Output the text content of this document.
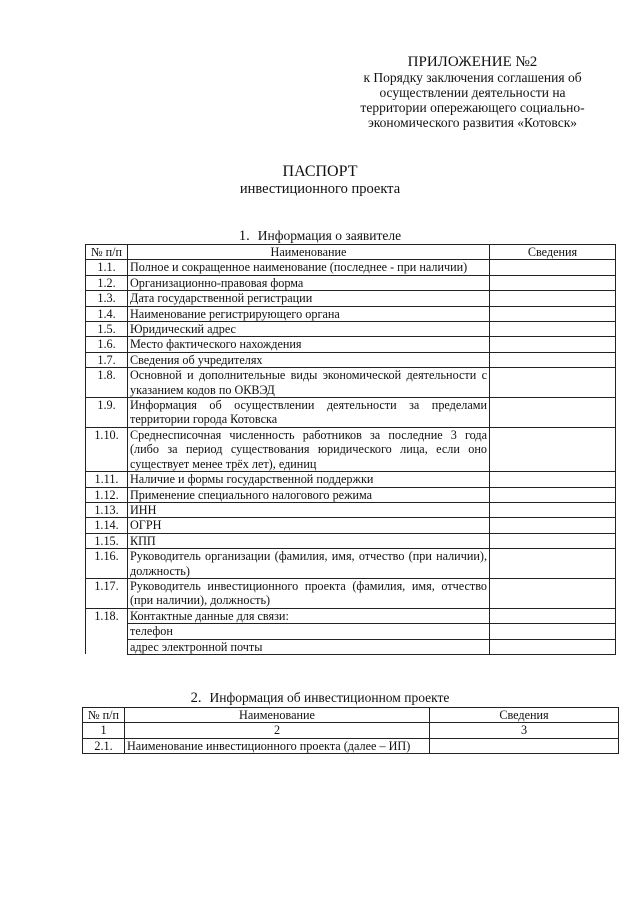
ПРИЛОЖЕНИЕ №2
к Порядку заключения соглашения об
осуществлении деятельности на
территории опережающего социально-
экономического развития «Котовск»
ПАСПОРТ
инвестиционного проекта
1. Информация о заявителе
№ п/п	Наименование	Сведения
1.1.	Полное и сокращенное наименование (последнее - при наличии)	
1.2.	Организационно-правовая форма	
1.3.	Дата государственной регистрации	
1.4.	Наименование регистрирующего органа	
1.5.	Юридический адрес	
1.6.	Место фактического нахождения	
1.7.	Сведения об учредителях	
1.8.	Основной и дополнительные виды экономической деятельности с указанием кодов по ОКВЭД	
1.9.	Информация об осуществлении деятельности за пределами территории города Котовска	
1.10.	Среднесписочная численность работников за последние 3 года (либо за период существования юридического лица, если оно существует менее трёх лет), единиц	
1.11.	Наличие и формы государственной поддержки	
1.12.	Применение специального налогового режима	
1.13.	ИНН	
1.14.	ОГРН	
1.15.	КПП	
1.16.	Руководитель организации (фамилия, имя, отчество (при наличии), должность)	
1.17.	Руководитель инвестиционного проекта (фамилия, имя, отчество (при наличии), должность)	
1.18.	Контактные данные для связи:	
	телефон	
	адрес электронной почты	
2. Информация об инвестиционном проекте
№ п/п	Наименование	Сведения
1	2	3
2.1.	Наименование инвестиционного проекта (далее – ИП)	
